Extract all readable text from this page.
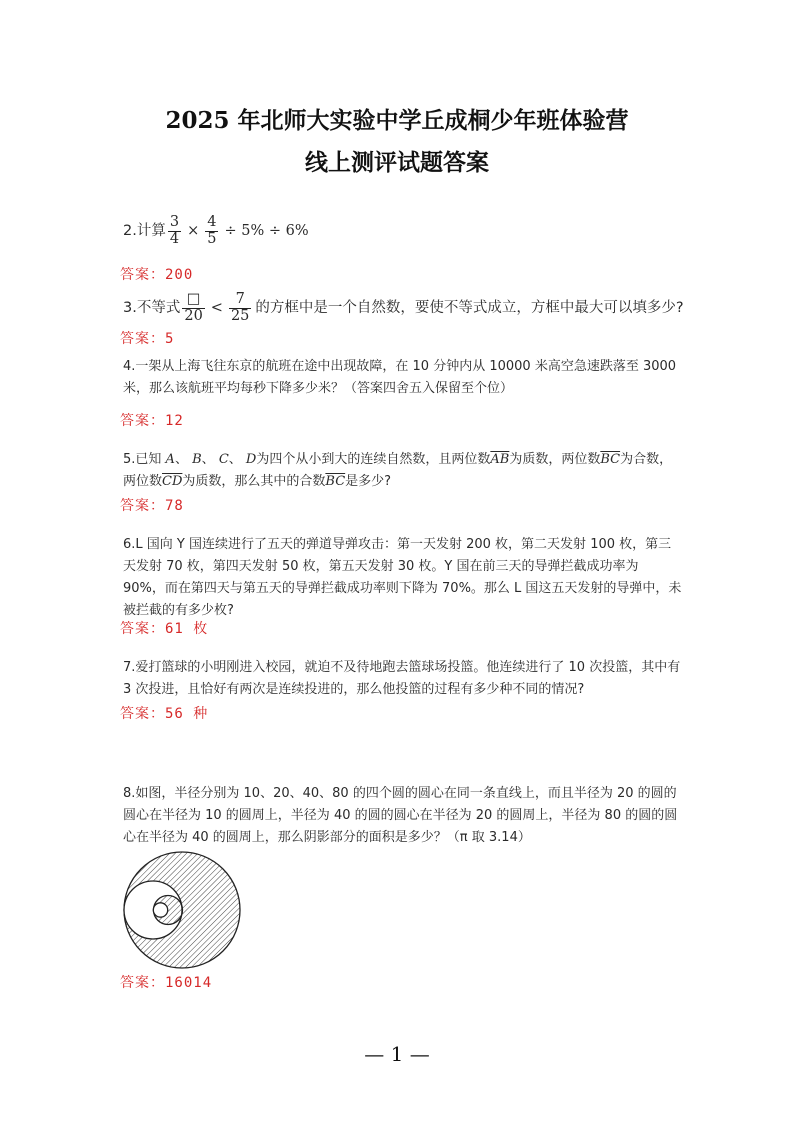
2025 年北师大实验中学丘成桐少年班体验营
线上测评试题答案
2.计算 $\frac{3}{4} \times \frac{4}{5} \div 5\% \div 6\%$
答案：200
3.不等式 $\frac{□}{20} < \frac{7}{25}$ 的方框中是一个自然数，要使不等式成立，方框中最大可以填多少?
答案：5
4.一架从上海飞往东京的航班在途中出现故障，在 10 分钟内从 10000 米高空急速跌落至 3000 米，那么该航班平均每秒下降多少米？（答案四舍五入保留至个位）
答案：12
5.已知 A、 B、 C、 D为四个从小到大的连续自然数，且两位数$\overline{AB}$为质数，两位数$\overline{BC}$为合数，两位数$\overline{CD}$为质数，那么其中的合数$\overline{BC}$是多少?
答案：78
6.L 国向 Y 国连续进行了五天的弹道导弹攻击：第一天发射 200 枚，第二天发射 100 枚，第三天发射 70 枚，第四天发射 50 枚，第五天发射 30 枚。Y 国在前三天的导弹拦截成功率为 90%，而在第四天与第五天的导弹拦截成功率则下降为 70%。那么 L 国这五天发射的导弹中，未被拦截的有多少枚?
答案：61 枚
7.爱打篮球的小明刚进入校园，就迫不及待地跑去篮球场投篮。他连续进行了 10 次投篮，其中有 3 次投进，且恰好有两次是连续投进的，那么他投篮的过程有多少种不同的情况?
答案：56 种
8.如图，半径分别为 10、20、40、80 的四个圆的圆心在同一条直线上，而且半径为 20 的圆的圆心在半径为 10 的圆周上，半径为 40 的圆的圆心在半径为 20 的圆周上，半径为 80 的圆的圆心在半径为 40 的圆周上，那么阴影部分的面积是多少？（π 取 3.14）
答案：16014
— 1 —
